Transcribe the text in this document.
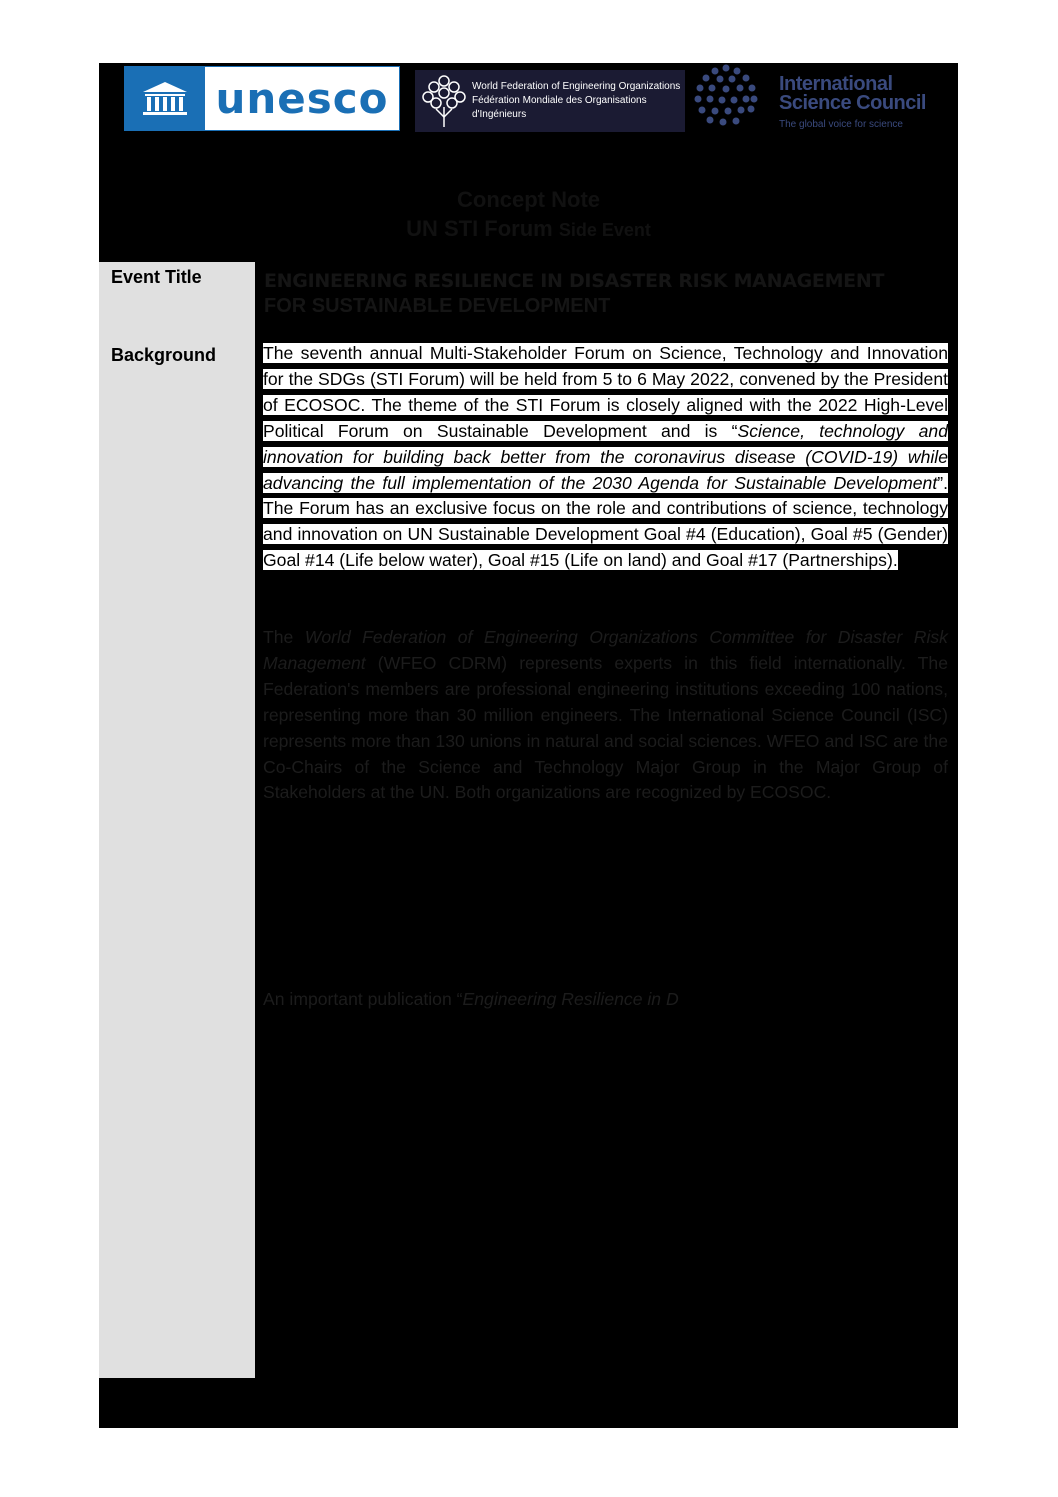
unesco	World Federation of Engineering Organizations
Fédération Mondiale des Organisations d'Ingénieurs
International
Science Council
The global voice for science
Concept Note
UN STI Forum Side Event
Event Title
Background
ENGINEERING RESILIENCE IN DISASTER RISK MANAGEMENT
FOR SUSTAINABLE DEVELOPMENT
The seventh annual Multi-Stakeholder Forum on Science, Technology and Innovation for the SDGs (STI Forum) will be held from 5 to 6 May 2022, convened by the President of ECOSOC. The theme of the STI Forum is closely aligned with the 2022 High-Level Political Forum on Sustainable Development and is “Science, technology and innovation for building back better from the coronavirus disease (COVID-19) while advancing the full implementation of the 2030 Agenda for Sustainable Development”. The Forum has an exclusive focus on the role and contributions of science, technology and innovation on UN Sustainable Development Goal #4 (Education), Goal #5 (Gender) Goal #14 (Life below water), Goal #15 (Life on land) and Goal #17 (Partnerships).
The World Federation of Engineering Organizations Committee for Disaster Risk Management (WFEO CDRM) represents experts in this field internationally. The Federation's members are professional engineering institutions exceeding 100 nations, representing more than 30 million engineers. The International Science Council (ISC) represents more than 130 unions in natural and social sciences. WFEO and ISC are the Co-Chairs of the Science and Technology Major Group in the Major Group of Stakeholders at the UN. Both organizations are recognized by ECOSOC.
An important publication “Engineering Resilience in D
